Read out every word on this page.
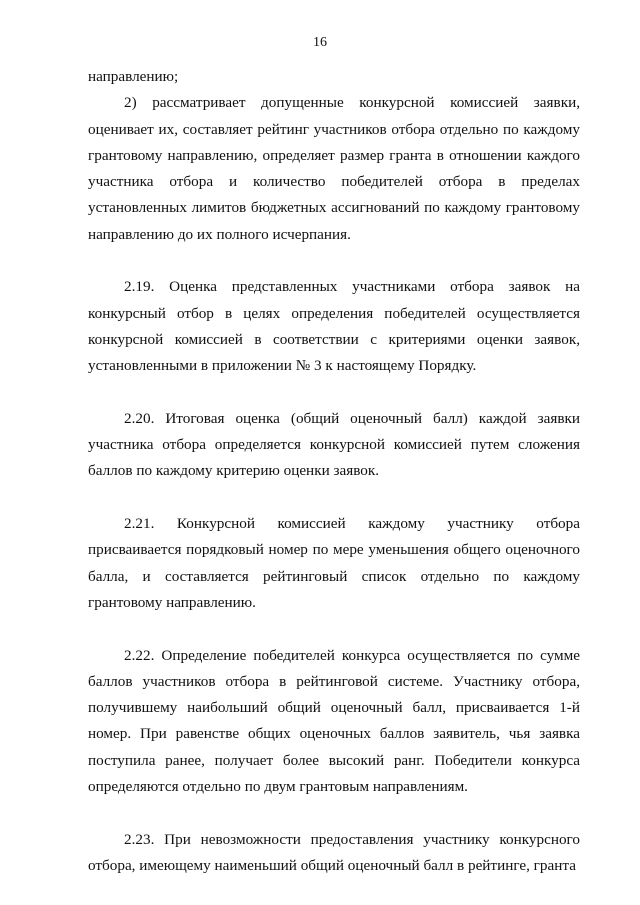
16

направлению;

2) рассматривает допущенные конкурсной комиссией заявки, оценивает их, составляет рейтинг участников отбора отдельно по каждому грантовому направлению, определяет размер гранта в отношении каждого участника отбора и количество победителей отбора в пределах установленных лимитов бюджетных ассигнований по каждому грантовому направлению до их полного исчерпания.

2.19. Оценка представленных участниками отбора заявок на конкурсный отбор в целях определения победителей осуществляется конкурсной комиссией в соответствии с критериями оценки заявок, установленными в приложении № 3 к настоящему Порядку.

2.20. Итоговая оценка (общий оценочный балл) каждой заявки участника отбора определяется конкурсной комиссией путем сложения баллов по каждому критерию оценки заявок.

2.21. Конкурсной комиссией каждому участнику отбора присваивается порядковый номер по мере уменьшения общего оценочного балла, и составляется рейтинговый список отдельно по каждому грантовому направлению.

2.22. Определение победителей конкурса осуществляется по сумме баллов участников отбора в рейтинговой системе. Участнику отбора, получившему наибольший общий оценочный балл, присваивается 1-й номер. При равенстве общих оценочных баллов заявитель, чья заявка поступила ранее, получает более высокий ранг. Победители конкурса определяются отдельно по двум грантовым направлениям.

2.23. При невозможности предоставления участнику конкурсного отбора, имеющему наименьший общий оценочный балл в рейтинге, гранта
